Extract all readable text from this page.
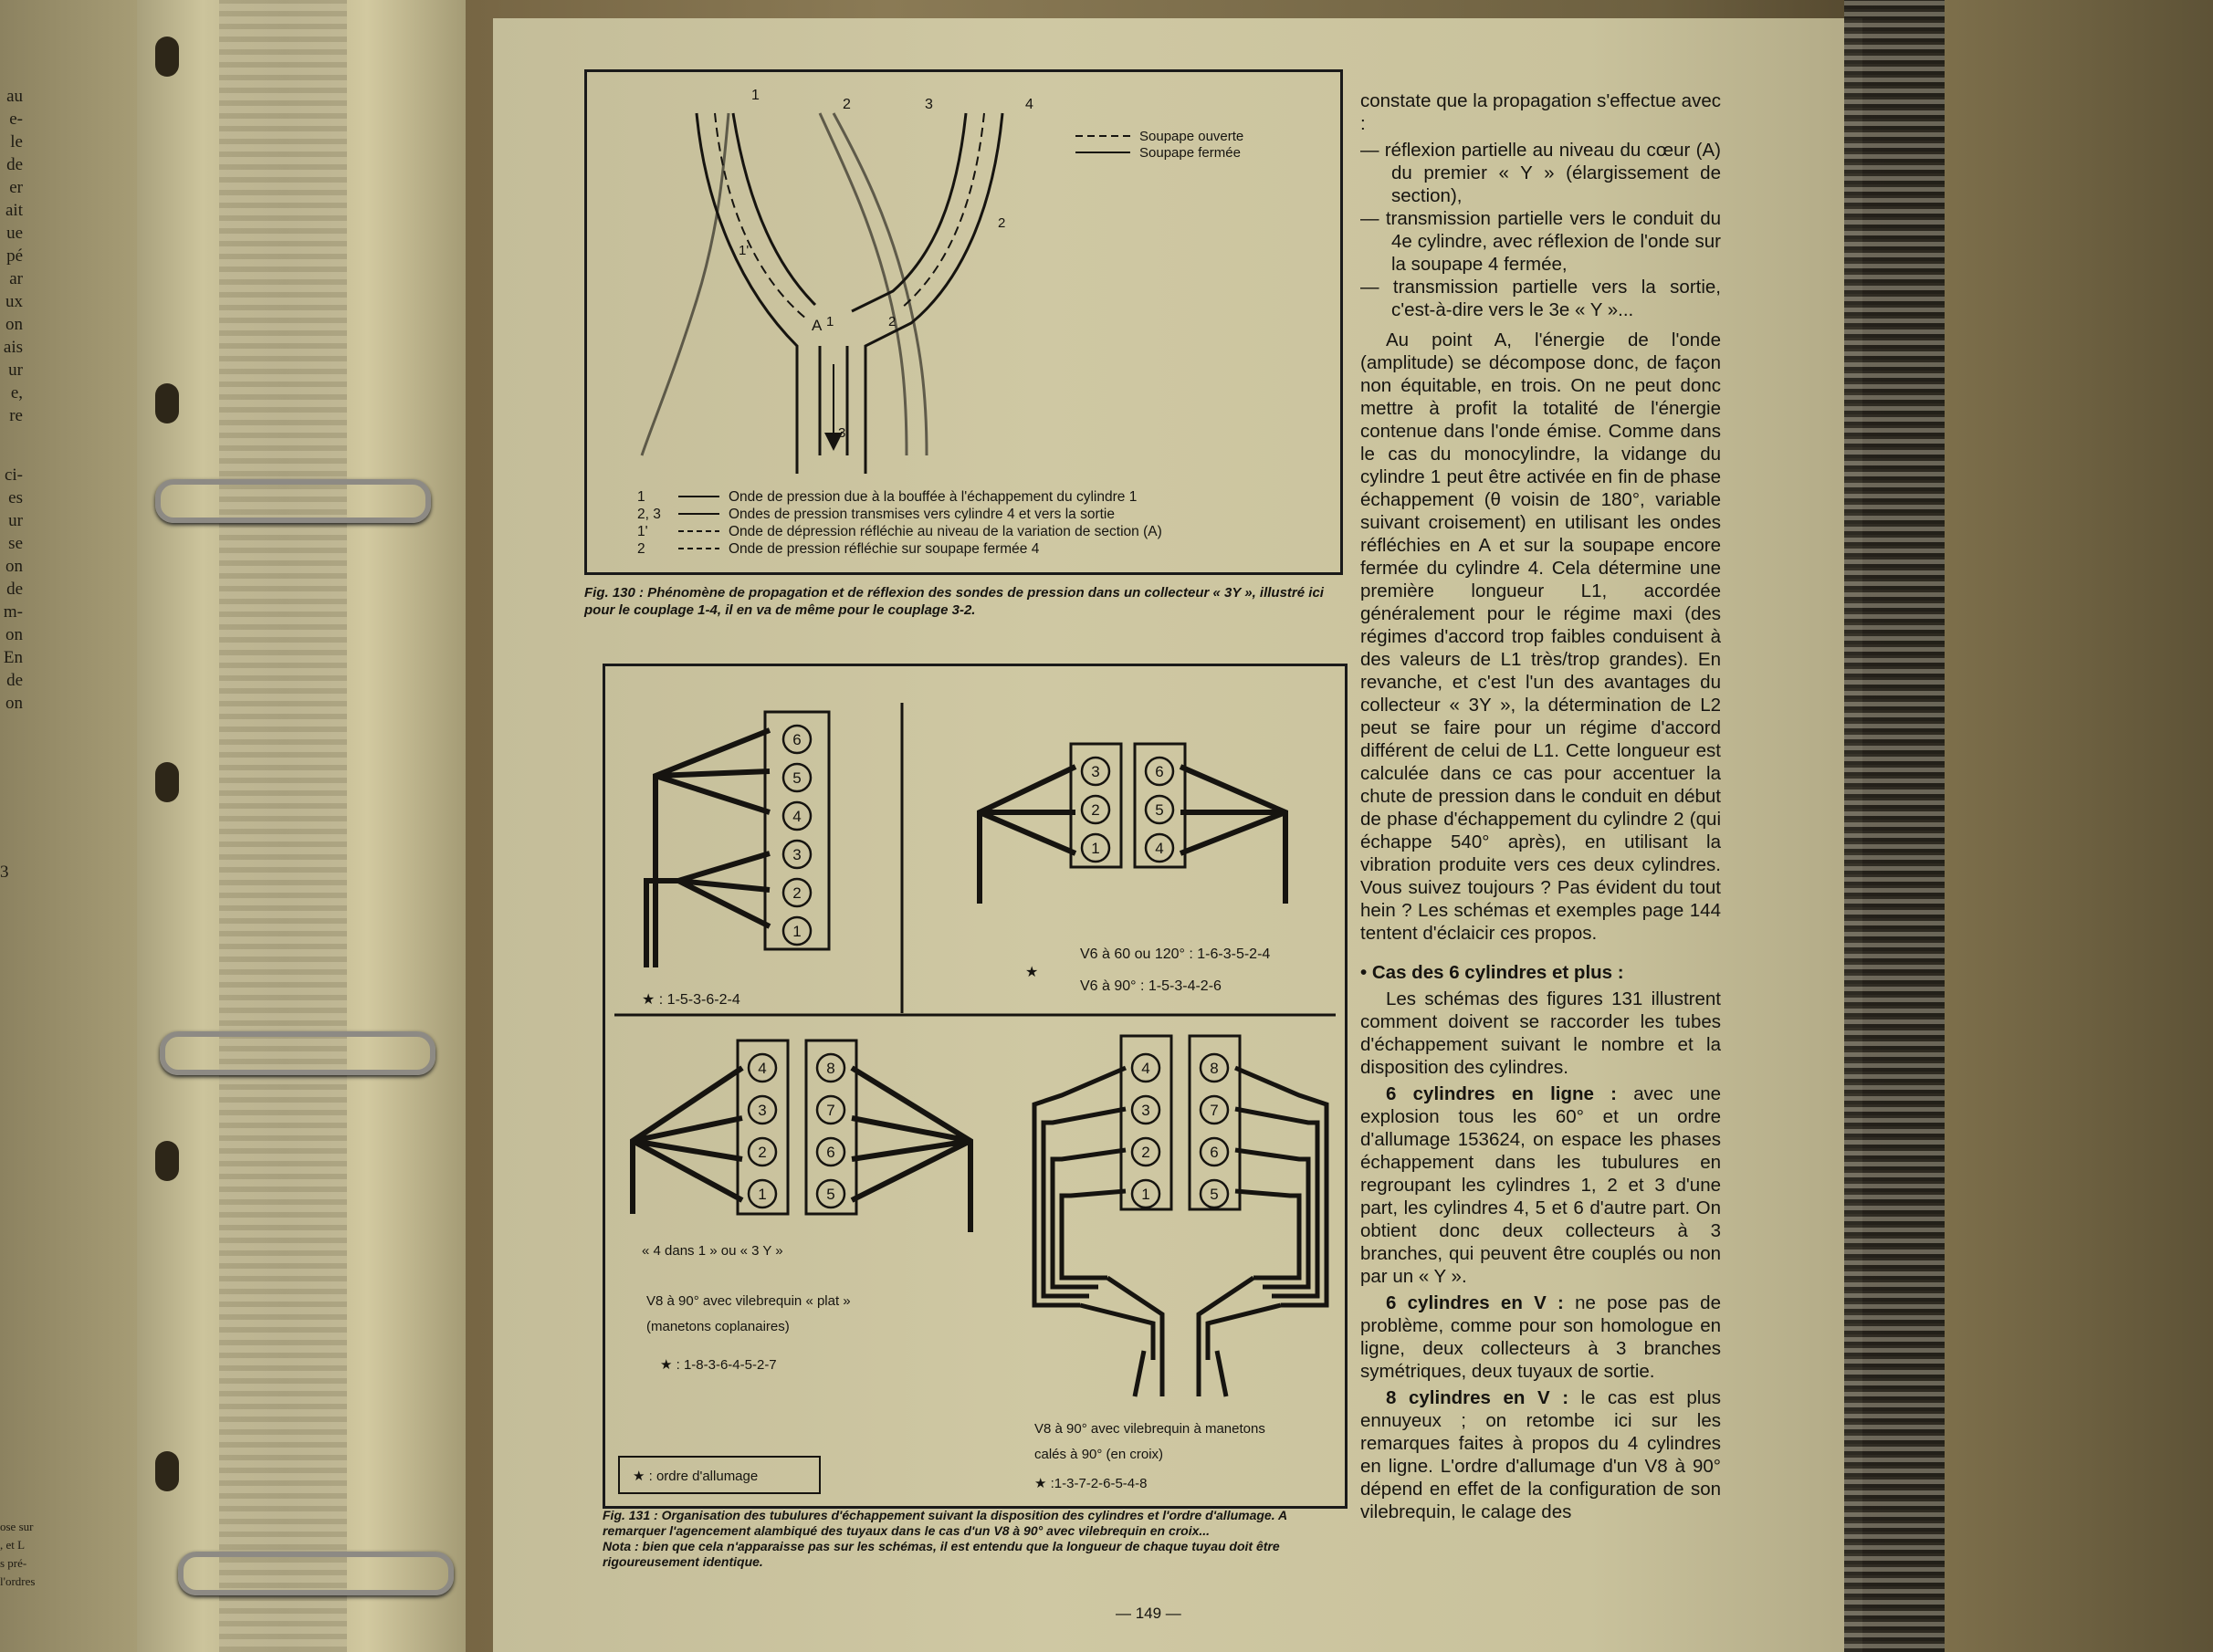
au
e-
le
de
er
ait
ue
pé
ar
ux
on
ais
ur
e,
re
ci-
es
ur
se
on
de
m-
on
En
de
on
ose sur
, et L
s pré-
l'ordres
3
1
2	3	4
A 1	2
2
1'
3
Soupape ouverte
Soupape fermée
1	Onde de pression due à la bouffée à l'échappement du cylindre 1
2, 3	Ondes de pression transmises vers cylindre 4 et vers la sortie
1'	Onde de dépression réfléchie au niveau de la variation de section (A)
2	Onde de pression réfléchie sur soupape fermée 4
Fig. 130 : Phénomène de propagation et de réflexion des sondes de pression dans un collecteur « 3Y », illustré ici pour le couplage 1-4, il en va de même pour le couplage 3-2.
★ : 1-5-3-6-2-4
★
V6 à 60 ou 120° : 1-6-3-5-2-4
V6 à 90° : 1-5-3-4-2-6
« 4 dans 1 » ou « 3 Y »
V8 à 90° avec vilebrequin « plat »
(manetons coplanaires)
★ : 1-8-3-6-4-5-2-7
V8 à 90° avec vilebrequin à manetons
calés à 90° (en croix)
★ :1-3-7-2-6-5-4-8
★ : ordre d'allumage
6
5
4
3
2
1
3
2
1
6
5
4
4
3
2
1
8
7
6
5
4
3
2
1
8
7
6
5
Fig. 131 : Organisation des tubulures d'échappement suivant la disposition des cylindres et l'ordre d'allumage. A remarquer l'agencement alambiqué des tuyaux dans le cas d'un V8 à 90° avec vilebrequin en croix...
Nota : bien que cela n'apparaisse pas sur les schémas, il est entendu que la longueur de chaque tuyau doit être rigoureusement identique.

constate que la propagation s'effectue avec :

— réflexion partielle au niveau du cœur (A) du premier « Y » (élargissement de section),

— transmission partielle vers le conduit du 4e cylindre, avec réflexion de l'onde sur la soupape 4 fermée,

— transmission partielle vers la sortie, c'est-à-dire vers le 3e « Y »...

Au point A, l'énergie de l'onde (amplitude) se décompose donc, de façon non équitable, en trois. On ne peut donc mettre à profit la totalité de l'énergie contenue dans l'onde émise. Comme dans le cas du monocylindre, la vidange du cylindre 1 peut être activée en fin de phase échappement (θ voisin de 180°, variable suivant croisement) en utilisant les ondes réfléchies en A et sur la soupape encore fermée du cylindre 4. Cela détermine une première longueur L1, accordée généralement pour le régime maxi (des régimes d'accord trop faibles conduisent à des valeurs de L1 très/trop grandes). En revanche, et c'est l'un des avantages du collecteur « 3Y », la détermination de L2 peut se faire pour un régime d'accord différent de celui de L1. Cette longueur est calculée dans ce cas pour accentuer la chute de pression dans le conduit en début de phase d'échappement du cylindre 2 (qui échappe 540° après), en utilisant la vibration produite vers ces deux cylindres. Vous suivez toujours ? Pas évident du tout hein ? Les schémas et exemples page 144 tentent d'éclaicir ces propos.

• Cas des 6 cylindres et plus :

Les schémas des figures 131 illustrent comment doivent se raccorder les tubes d'échappement suivant le nombre et la disposition des cylindres.

6 cylindres en ligne : avec une explosion tous les 60° et un ordre d'allumage 153624, on espace les phases échappement dans les tubulures en regroupant les cylindres 1, 2 et 3 d'une part, les cylindres 4, 5 et 6 d'autre part. On obtient donc deux collecteurs à 3 branches, qui peuvent être couplés ou non par un « Y ».

6 cylindres en V : ne pose pas de problème, comme pour son homologue en ligne, deux collecteurs à 3 branches symétriques, deux tuyaux de sortie.

8 cylindres en V : le cas est plus ennuyeux ; on retombe ici sur les remarques faites à propos du 4 cylindres en ligne. L'ordre d'allumage d'un V8 à 90° dépend en effet de la configuration de son vilebrequin, le calage des

— 149 —
